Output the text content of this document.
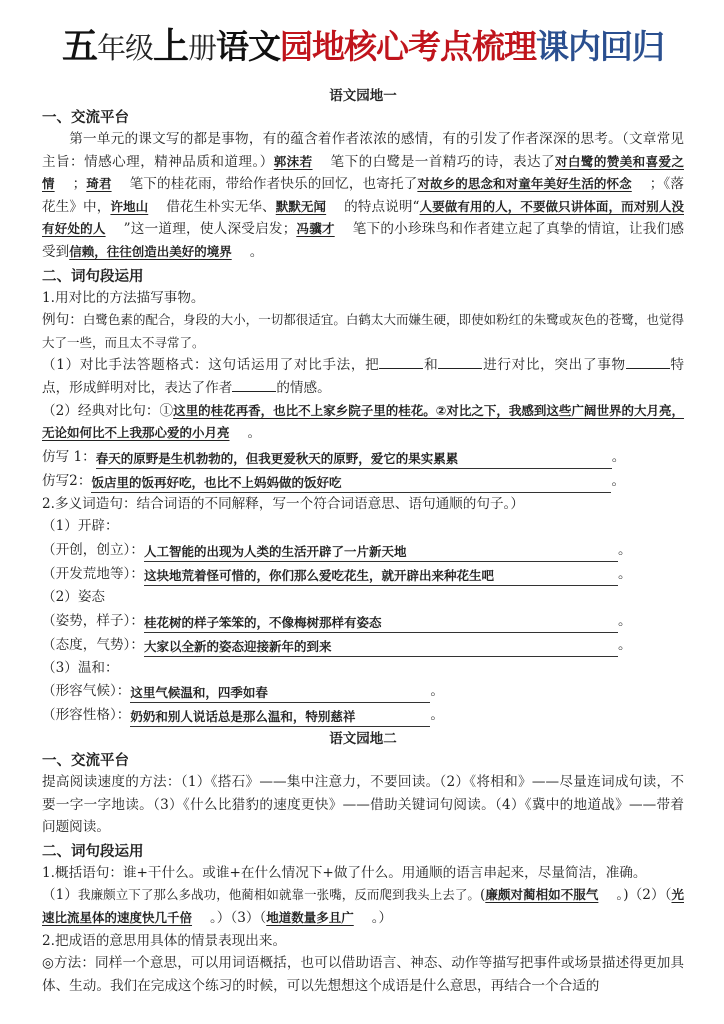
五年级上册语文园地核心考点梳理课内回归
语文园地一
一、交流平台

第一单元的课文写的都是事物，有的蕴含着作者浓浓的感情，有的引发了作者深深的思考。（文章常见主旨：情感心理，精神品质和道理。）郭沫若 笔下的白鹭是一首精巧的诗，表达了对白鹭的赞美和喜爱之情 ；琦君 笔下的桂花雨，带给作者快乐的回忆，也寄托了对故乡的思念和对童年美好生活的怀念 ；《落花生》中，许地山 借花生朴实无华、默默无闻 的特点说明“人要做有用的人，不要做只讲体面，而对别人没有好处的人 ”这一道理，使人深受启发；冯骥才 笔下的小珍珠鸟和作者建立起了真挚的情谊，让我们感受到信赖，往往创造出美好的境界 。

二、词句段运用

1.用对比的方法描写事物。

例句：白鹭色素的配合，身段的大小，一切都很适宜。白鹤太大而嫌生硬，即使如粉红的朱鹭或灰色的苍鹭，也觉得大了一些，而且太不寻常了。

（1）对比手法答题格式：这句话运用了对比手法，把	和	进行对比，突出了事物	特点，形成鲜明对比，表达了作者	的情感。

（2）经典对比句：①这里的桂花再香，也比不上家乡院子里的桂花。②对比之下，我感到这些广阔世界的大月亮，无论如何比不上我那心爱的小月亮 。

仿写 1： 春天的原野是生机勃勃的，但我更爱秋天的原野，爱它的果实累累	。
仿写2： 饭店里的饭再好吃，也比不上妈妈做的饭好吃	。

2.多义词造句：结合词语的不同解释，写一个符合词语意思、语句通顺的句子。）

（1）开辟：

（开创，创立）： 人工智能的出现为人类的生活开辟了一片新天地	。
（开发荒地等）： 这块地荒着怪可惜的，你们那么爱吃花生，就开辟出来种花生吧	。

（2）姿态

（姿势，样子）： 桂花树的样子笨笨的，不像梅树那样有姿态	。
（态度，气势）： 大家以全新的姿态迎接新年的到来	。

（3）温和：

（形容气候）： 这里气候温和，四季如春	。
（形容性格）： 奶奶和别人说话总是那么温和，特别慈祥	。
语文园地二
一、交流平台

提高阅读速度的方法：（1）《搭石》——集中注意力，不要回读。（2）《将相和》——尽量连词成句读，不要一字一字地读。（3）《什么比猎豹的速度更快》——借助关键词句阅读。（4）《冀中的地道战》——带着问题阅读。

二、词句段运用

1.概括语句：谁+干什么。或谁+在什么情况下+做了什么。用通顺的语言串起来，尽量简洁，准确。

（1）我廉颇立下了那么多战功，他蔺相如就靠一张嘴，反而爬到我头上去了。(廉颇对蔺相如不服气 。)（2）（光速比流星体的速度快几千倍 。）（3）（地道数量多且广 。）

2.把成语的意思用具体的情景表现出来。

◎方法：同样一个意思，可以用词语概括，也可以借助语言、神态、动作等描写把事件或场景描述得更加具体、生动。我们在完成这个练习的时候，可以先想想这个成语是什么意思，再结合一个合适的
